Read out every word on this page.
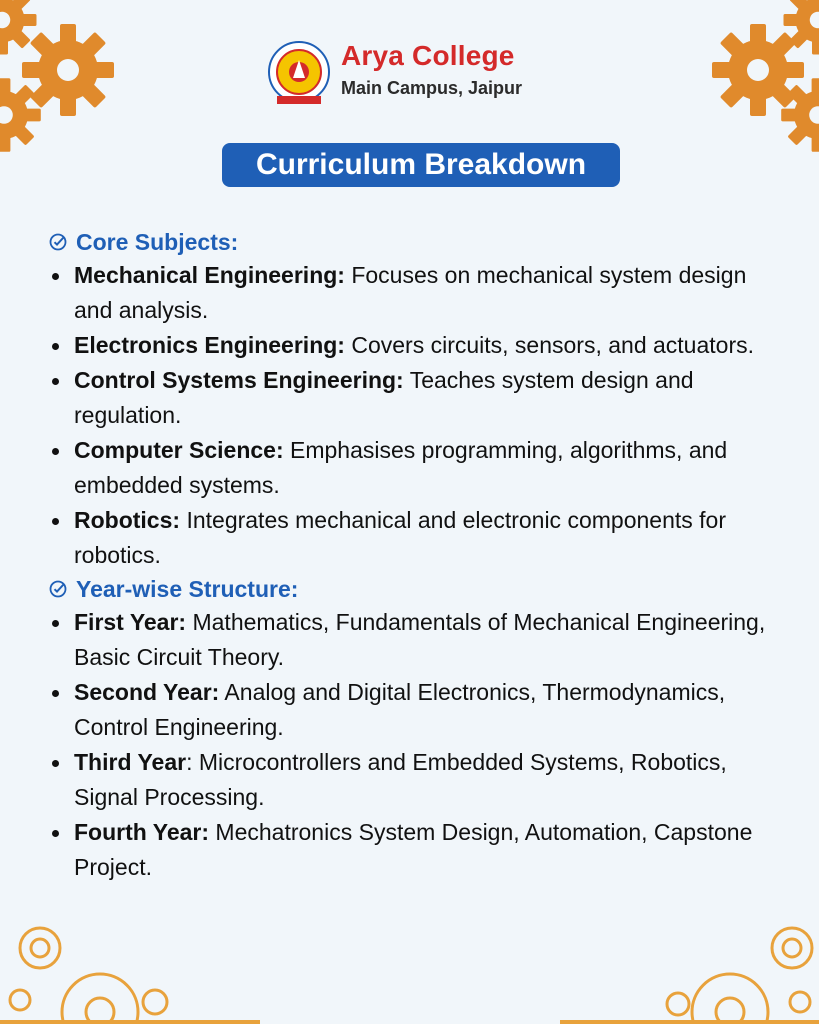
Arya College
Main Campus, Jaipur
Curriculum Breakdown
Core Subjects:
Mechanical Engineering: Focuses on mechanical system design and analysis.
Electronics Engineering: Covers circuits, sensors, and actuators.
Control Systems Engineering: Teaches system design and regulation.
Computer Science: Emphasises programming, algorithms, and embedded systems.
Robotics: Integrates mechanical and electronic components for robotics.
Year-wise Structure:
First Year: Mathematics, Fundamentals of Mechanical Engineering, Basic Circuit Theory.
Second Year: Analog and Digital Electronics, Thermodynamics, Control Engineering.
Third Year: Microcontrollers and Embedded Systems, Robotics, Signal Processing.
Fourth Year: Mechatronics System Design, Automation, Capstone Project.
